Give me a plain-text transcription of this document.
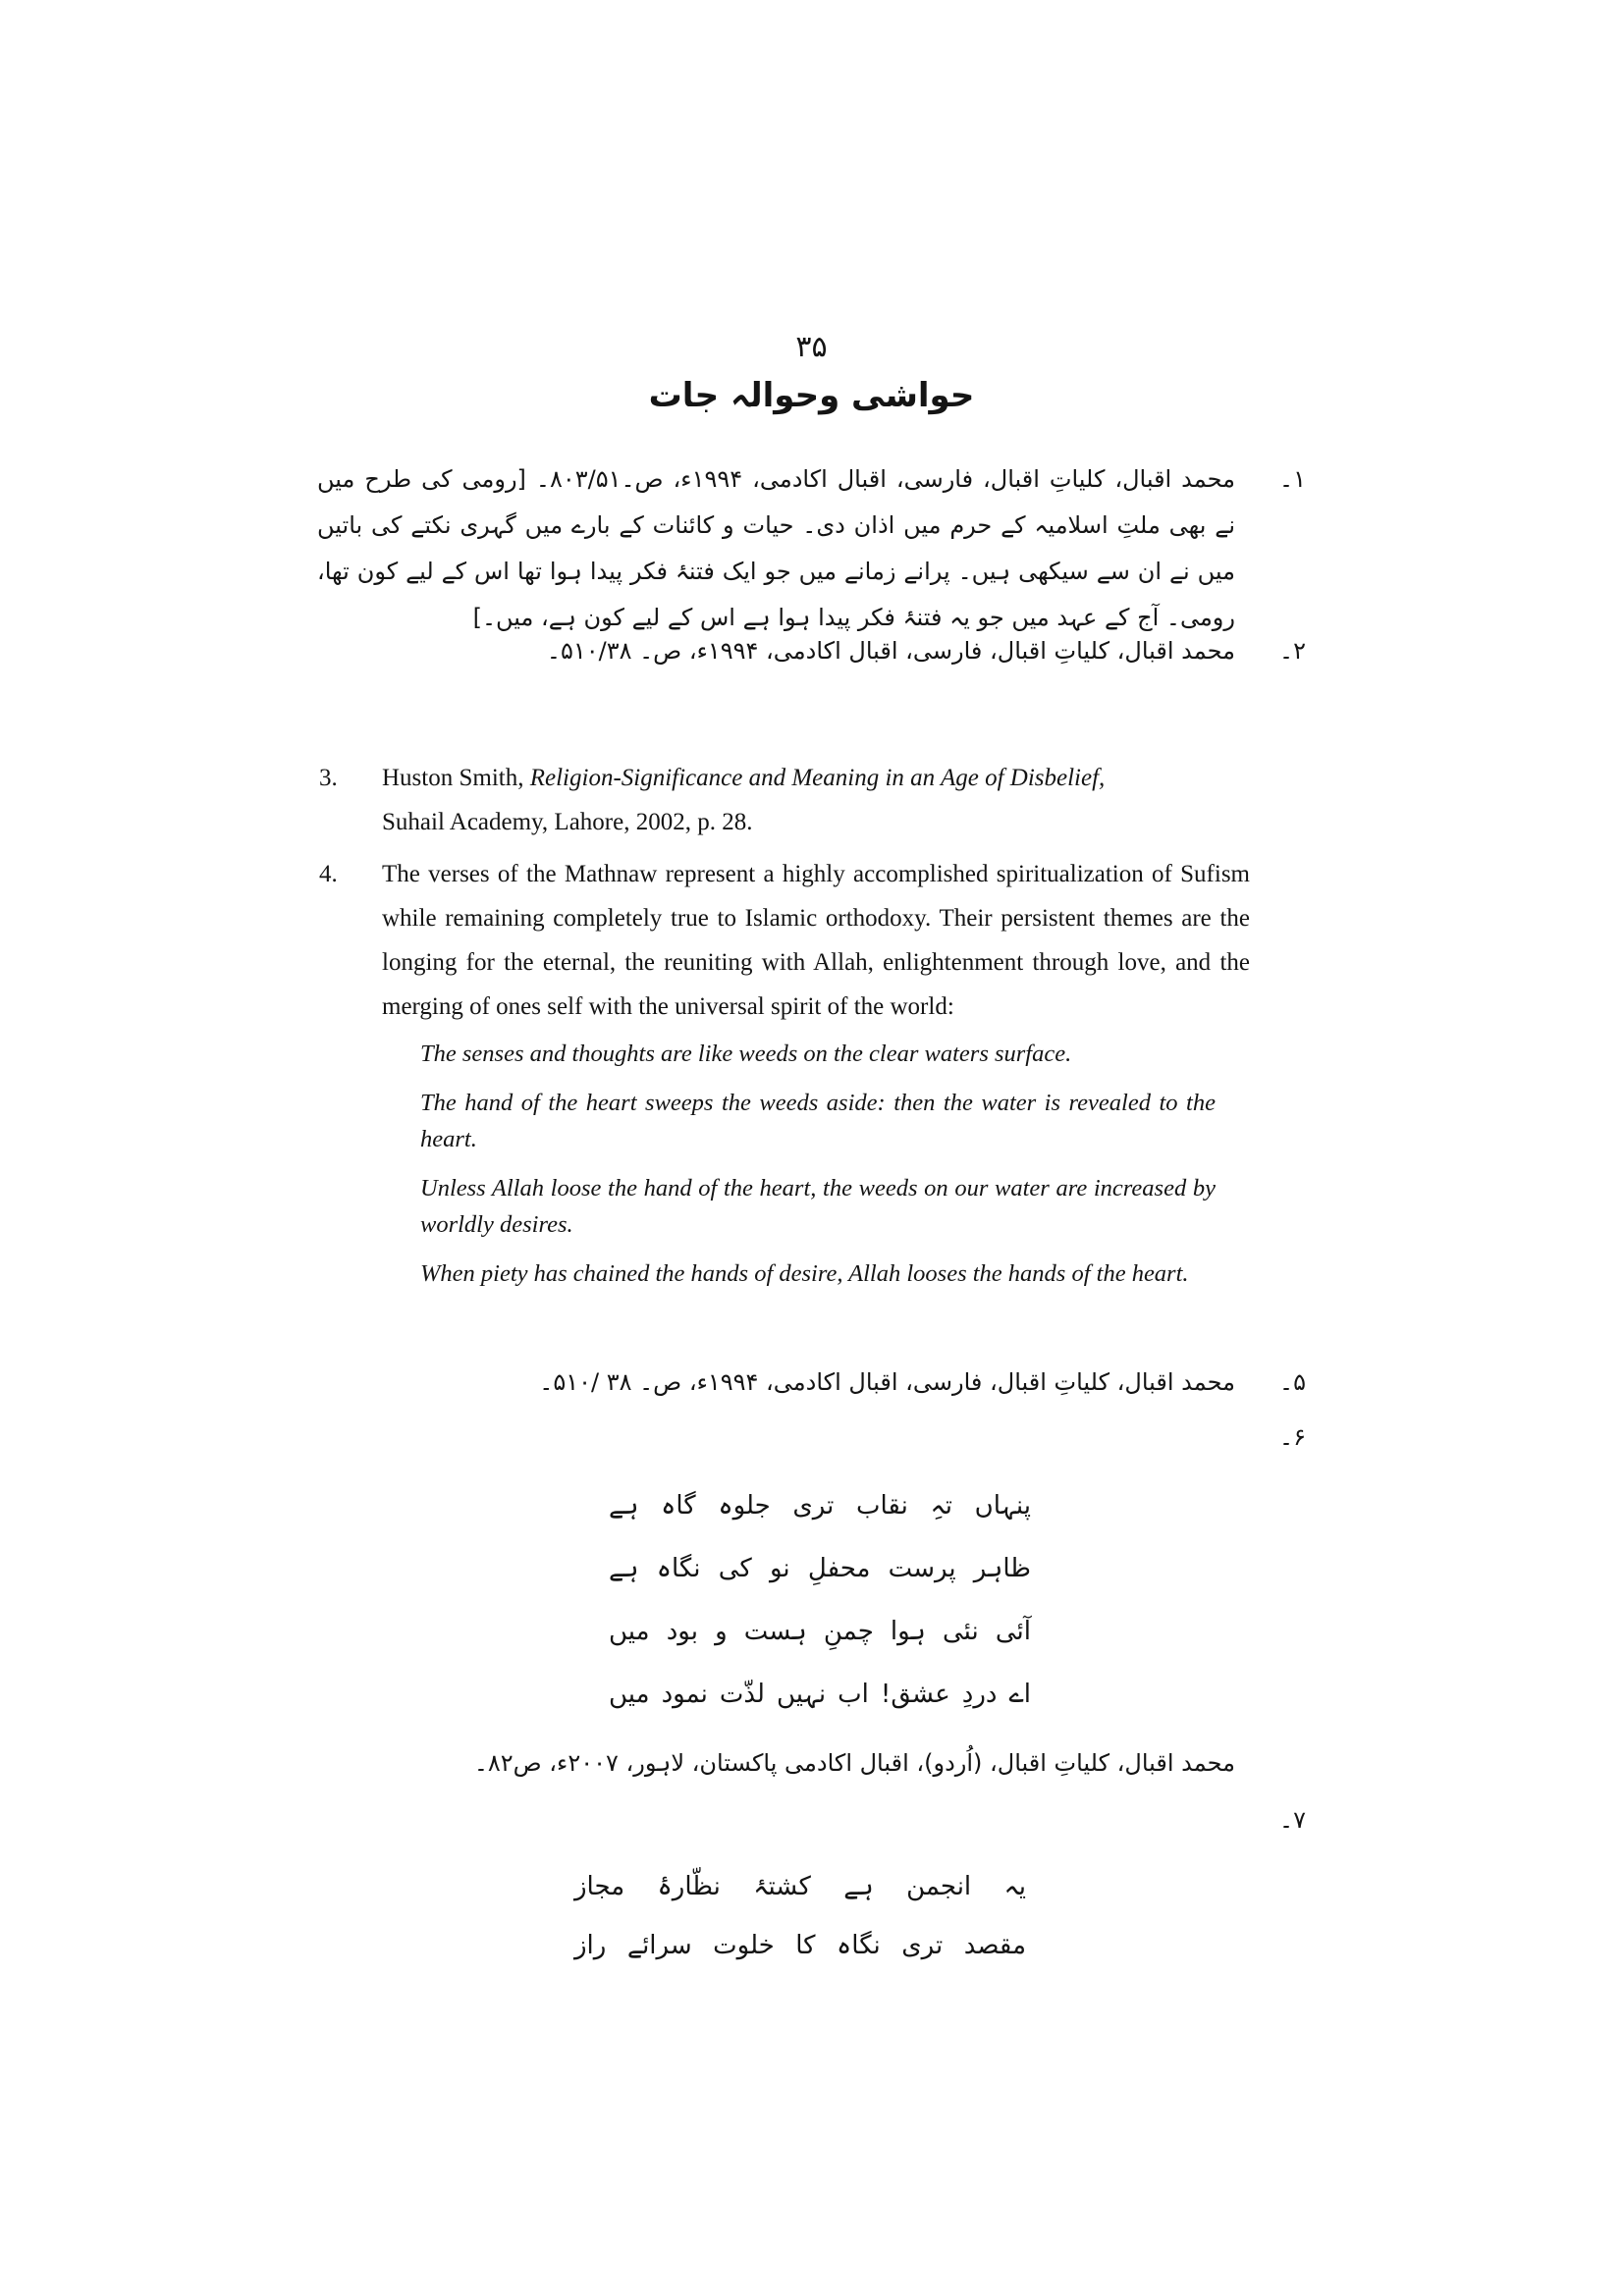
۳۵
حواشی وحوالہ جات
۱۔
محمد اقبال، کلیاتِ اقبال، فارسی، اقبال اکادمی، ۱۹۹۴ء، ص۔۸۰۳/۵۱۔ [رومی کی طرح میں نے بھی ملتِ اسلامیہ کے حرم میں اذان دی۔ حیات و کائنات کے بارے میں گہری نکتے کی باتیں میں نے ان سے سیکھی ہیں۔ پرانے زمانے میں جو ایک فتنۂ فکر پیدا ہوا تھا اس کے لیے کون تھا، رومی۔ آج کے عہد میں جو یہ فتنۂ فکر پیدا ہوا ہے اس کے لیے کون ہے، میں۔]
۲۔
محمد اقبال، کلیاتِ اقبال، فارسی، اقبال اکادمی، ۱۹۹۴ء، ص۔ ۵۱۰/۳۸۔
3. Huston Smith, Religion-Significance and Meaning in an Age of Disbelief,
Suhail Academy, Lahore, 2002, p. 28.
4. The verses of the Mathnaw represent a highly accomplished spiritualization of Sufism while remaining completely true to Islamic orthodoxy. Their persistent themes are the longing for the eternal, the reuniting with Allah, enlightenment through love, and the merging of ones self with the universal spirit of the world:
The senses and thoughts are like weeds on the clear waters surface.
The hand of the heart sweeps the weeds aside: then the water is revealed to the heart.
Unless Allah loose the hand of the heart, the weeds on our water are increased by worldly desires.
When piety has chained the hands of desire, Allah looses the hands of the heart.
۵۔
محمد اقبال، کلیاتِ اقبال، فارسی، اقبال اکادمی، ۱۹۹۴ء، ص۔ ۳۸ /۵۱۰۔
۶۔
پنہاں تہِ نقاب تری جلوہ گاہ ہے
ظاہر پرست محفلِ نو کی نگاہ ہے
آئی نئی ہوا چمنِ ہست و بود میں
اے دردِ عشق! اب نہیں لذّت نمود میں
محمد اقبال، کلیاتِ اقبال، (اُردو)، اقبال اکادمی پاکستان، لاہور، ۲۰۰۷ء، ص۸۲۔
۷۔
یہ انجمن ہے کشتۂ نظّارۂ مجاز
مقصد تری نگاہ کا خلوت سرائے راز
